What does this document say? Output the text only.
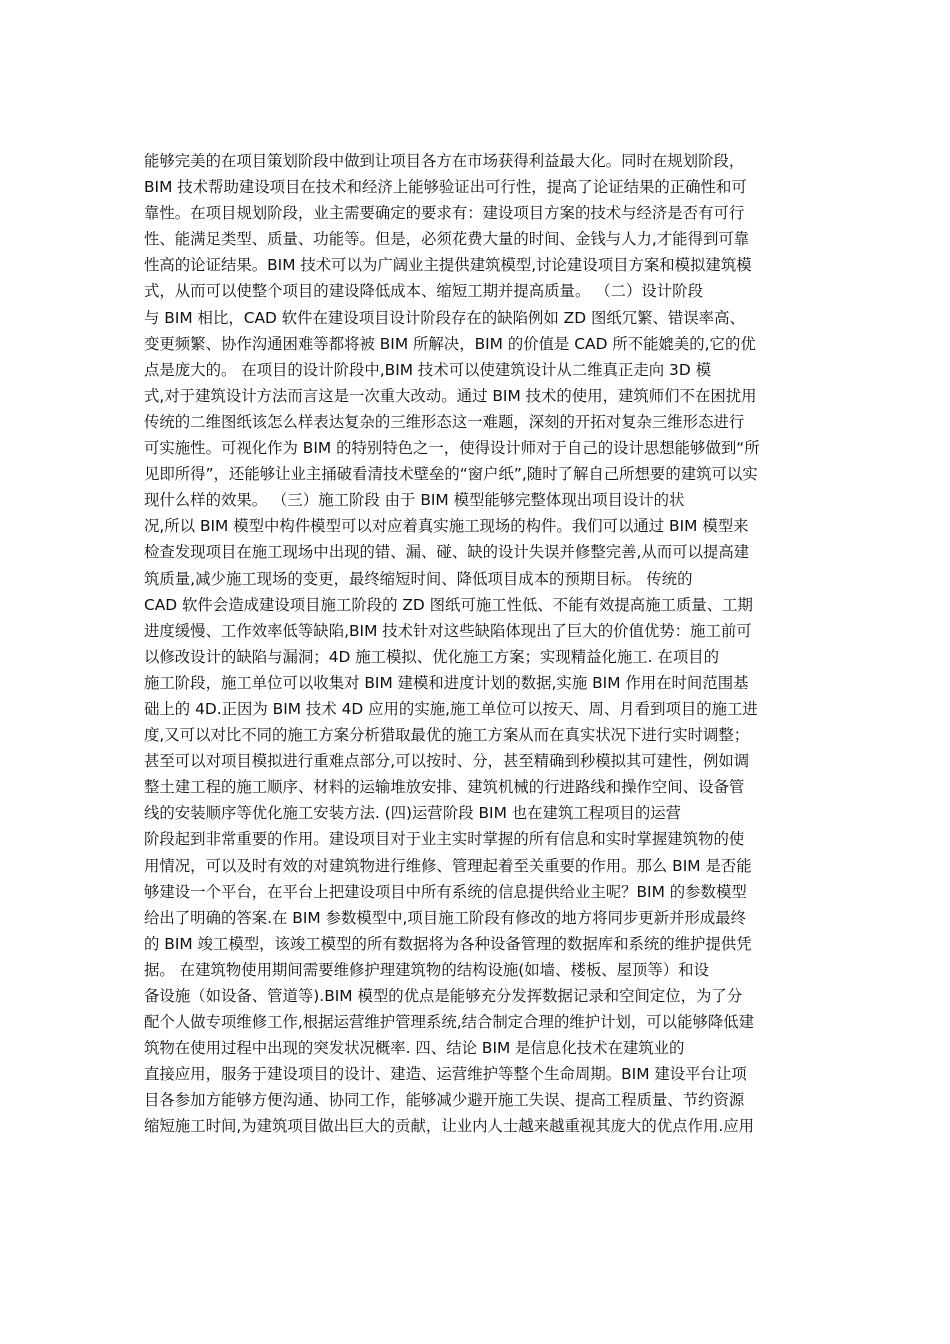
能够完美的在项目策划阶段中做到让项目各方在市场获得利益最大化。同时在规划阶段，
BIM 技术帮助建设项目在技术和经济上能够验证出可行性，提高了论证结果的正确性和可
靠性。在项目规划阶段，业主需要确定的要求有：建设项目方案的技术与经济是否有可行
性、能满足类型、质量、功能等。但是，必须花费大量的时间、金钱与人力,才能得到可靠
性高的论证结果。BIM 技术可以为广阔业主提供建筑模型,讨论建设项目方案和模拟建筑模
式，从而可以使整个项目的建设降低成本、缩短工期并提高质量。 （二）设计阶段
与 BIM 相比，CAD 软件在建设项目设计阶段存在的缺陷例如 ZD 图纸冗繁、错误率高、
变更频繁、协作沟通困难等都将被 BIM 所解决，BIM 的价值是 CAD 所不能媲美的,它的优
点是庞大的。 在项目的设计阶段中,BIM 技术可以使建筑设计从二维真正走向 3D 模
式,对于建筑设计方法而言这是一次重大改动。通过 BIM 技术的使用，建筑师们不在困扰用
传统的二维图纸该怎么样表达复杂的三维形态这一难题，深刻的开拓对复杂三维形态进行
可实施性。可视化作为 BIM 的特别特色之一，使得设计师对于自己的设计思想能够做到“所
见即所得”，还能够让业主捅破看清技术壁垒的“窗户纸”,随时了解自己所想要的建筑可以实
现什么样的效果。 （三）施工阶段 由于 BIM 模型能够完整体现出项目设计的状
况,所以 BIM 模型中构件模型可以对应着真实施工现场的构件。我们可以通过 BIM 模型来
检查发现项目在施工现场中出现的错、漏、碰、缺的设计失误并修整完善,从而可以提高建
筑质量,减少施工现场的变更，最终缩短时间、降低项目成本的预期目标。 传统的
CAD 软件会造成建设项目施工阶段的 ZD 图纸可施工性低、不能有效提高施工质量、工期
进度缓慢、工作效率低等缺陷,BIM 技术针对这些缺陷体现出了巨大的价值优势：施工前可
以修改设计的缺陷与漏洞；4D 施工模拟、优化施工方案；实现精益化施工. 在项目的
施工阶段，施工单位可以收集对 BIM 建模和进度计划的数据,实施 BIM 作用在时间范围基
础上的 4D.正因为 BIM 技术 4D 应用的实施,施工单位可以按天、周、月看到项目的施工进
度,又可以对比不同的施工方案分析猎取最优的施工方案从而在真实状况下进行实时调整；
甚至可以对项目模拟进行重难点部分,可以按时、分，甚至精确到秒模拟其可建性，例如调
整土建工程的施工顺序、材料的运输堆放安排、建筑机械的行进路线和操作空间、设备管
线的安装顺序等优化施工安装方法. (四)运营阶段 BIM 也在建筑工程项目的运营
阶段起到非常重要的作用。建设项目对于业主实时掌握的所有信息和实时掌握建筑物的使
用情况，可以及时有效的对建筑物进行维修、管理起着至关重要的作用。那么 BIM 是否能
够建设一个平台，在平台上把建设项目中所有系统的信息提供给业主呢？BIM 的参数模型
给出了明确的答案.在 BIM 参数模型中,项目施工阶段有修改的地方将同步更新并形成最终
的 BIM 竣工模型，该竣工模型的所有数据将为各种设备管理的数据库和系统的维护提供凭
据。 在建筑物使用期间需要维修护理建筑物的结构设施(如墙、楼板、屋顶等）和设
备设施（如设备、管道等).BIM 模型的优点是能够充分发挥数据记录和空间定位，为了分
配个人做专项维修工作,根据运营维护管理系统,结合制定合理的维护计划，可以能够降低建
筑物在使用过程中出现的突发状况概率. 四、结论 BIM 是信息化技术在建筑业的
直接应用，服务于建设项目的设计、建造、运营维护等整个生命周期。BIM 建设平台让项
目各参加方能够方便沟通、协同工作，能够减少避开施工失误、提高工程质量、节约资源
缩短施工时间,为建筑项目做出巨大的贡献，让业内人士越来越重视其庞大的优点作用.应用
